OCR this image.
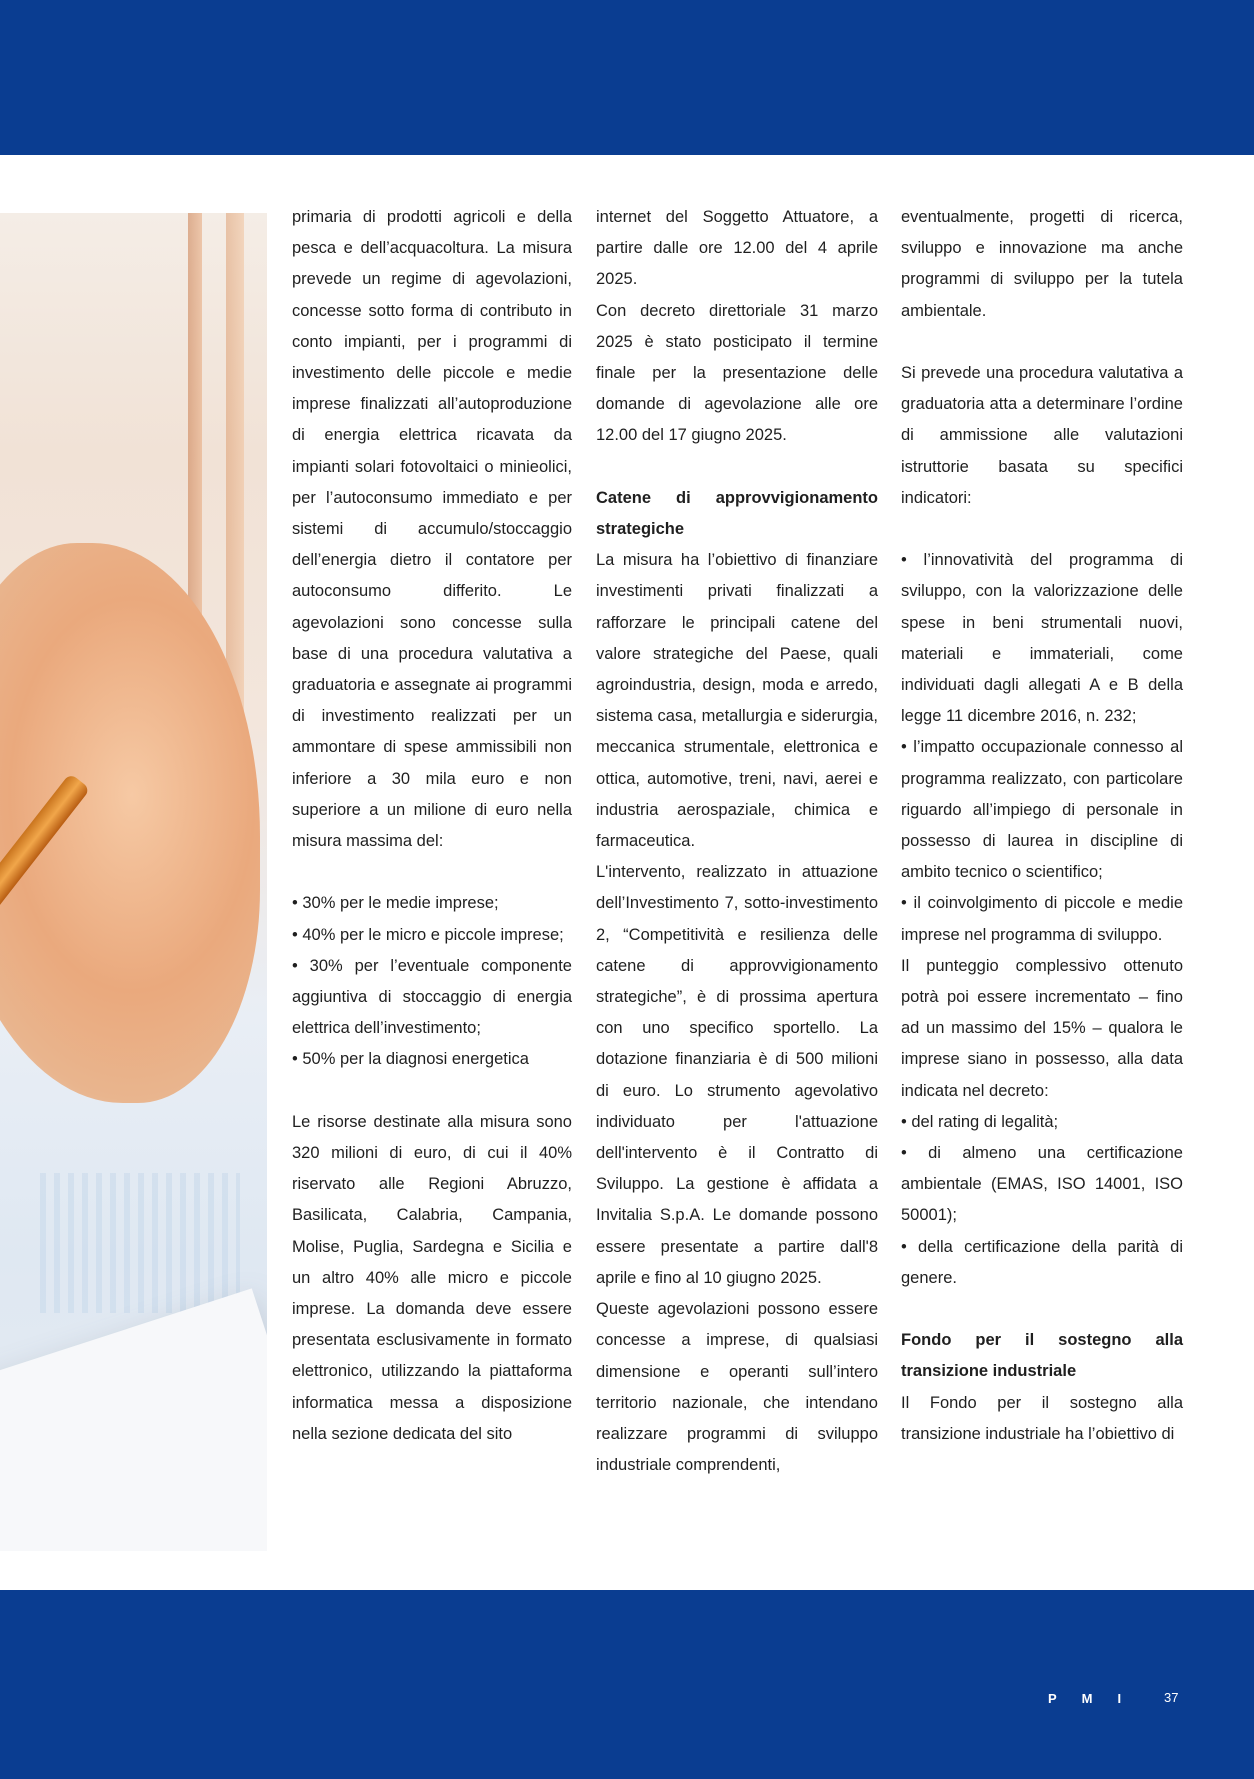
primaria di prodotti agricoli e della pesca e dell’acquacoltura. La misura prevede un regime di agevolazioni, concesse sotto forma di contributo in conto impianti, per i programmi di investimento delle piccole e medie imprese finalizzati all’autoproduzione di energia elettrica ricavata da impianti solari fotovoltaici o minieolici, per l’autoconsumo immediato e per sistemi di accumulo/stoccaggio dell’energia dietro il contatore per autoconsumo differito. Le agevolazioni sono concesse sulla base di una procedura valutativa a graduatoria e assegnate ai programmi di investimento realizzati per un ammontare di spese ammissibili non inferiore a 30 mila euro e non superiore a un milione di euro nella misura massima del:

• 30% per le medie imprese;

• 40% per le micro e piccole imprese;

• 30% per l’eventuale componente aggiuntiva di stoccaggio di energia elettrica dell’investimento;

• 50% per la diagnosi energetica

Le risorse destinate alla misura sono 320 milioni di euro, di cui il 40% riservato alle Regioni Abruzzo, Basilicata, Calabria, Campania, Molise, Puglia, Sardegna e Sicilia e un altro 40% alle micro e piccole imprese. La domanda deve essere presentata esclusivamente in formato elettronico, utilizzando la piattaforma informatica messa a disposizione nella sezione dedicata del sito

internet del Soggetto Attuatore, a partire dalle ore 12.00 del 4 aprile 2025.

Con decreto direttoriale 31 marzo 2025 è stato posticipato il termine finale per la presentazione delle domande di agevolazione alle ore 12.00 del 17 giugno 2025.

Catene di approvvigionamento strategiche

La misura ha l’obiettivo di finanziare investimenti privati finalizzati a rafforzare le principali catene del valore strategiche del Paese, quali agroindustria, design, moda e arredo, sistema casa, metallurgia e siderurgia, meccanica strumentale, elettronica e ottica, automotive, treni, navi, aerei e industria aerospaziale, chimica e farmaceutica.

L'intervento, realizzato in attuazione dell’Investimento 7, sotto-investimento 2, “Competitività e resilienza delle catene di approvvigionamento strategiche”, è di prossima apertura con uno specifico sportello. La dotazione finanziaria è di 500 milioni di euro. Lo strumento agevolativo individuato per l'attuazione dell'intervento è il Contratto di Sviluppo. La gestione è affidata a Invitalia S.p.A. Le domande possono essere presentate a partire dall'8 aprile e fino al 10 giugno 2025.

Queste agevolazioni possono essere concesse a imprese, di qualsiasi dimensione e operanti sull’intero territorio nazionale, che intendano realizzare programmi di sviluppo industriale comprendenti,

eventualmente, progetti di ricerca, sviluppo e innovazione ma anche programmi di sviluppo per la tutela ambientale.

Si prevede una procedura valutativa a graduatoria atta a determinare l’ordine di ammissione alle valutazioni istruttorie basata su specifici indicatori:

• l’innovatività del programma di sviluppo, con la valorizzazione delle spese in beni strumentali nuovi, materiali e immateriali, come individuati dagli allegati A e B della legge 11 dicembre 2016, n. 232;

• l’impatto occupazionale connesso al programma realizzato, con particolare riguardo all’impiego di personale in possesso di laurea in discipline di ambito tecnico o scientifico;

• il coinvolgimento di piccole e medie imprese nel programma di sviluppo.

Il punteggio complessivo ottenuto potrà poi essere incrementato – fino ad un massimo del 15% – qualora le imprese siano in possesso, alla data indicata nel decreto:

• del rating di legalità;

• di almeno una certificazione ambientale (EMAS, ISO 14001, ISO 50001);

• della certificazione della parità di genere.

Fondo per il sostegno alla transizione industriale

Il Fondo per il sostegno alla transizione industriale ha l’obiettivo di

PMI 37
